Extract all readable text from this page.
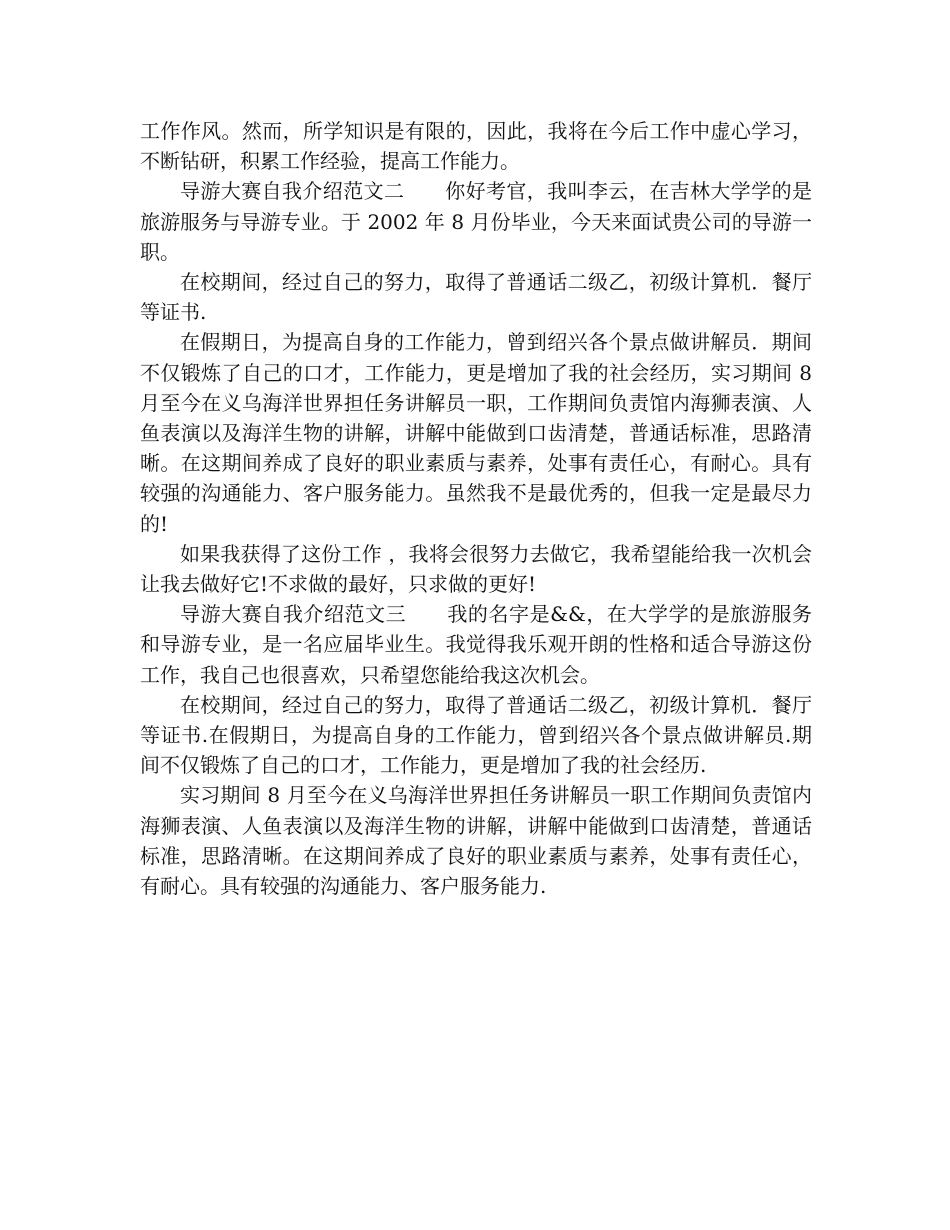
工作作风。然而，所学知识是有限的，因此，我将在今后工作中虚心学习，不断钻研，积累工作经验，提高工作能力。

导游大赛自我介绍范文二　　你好考官，我叫李云，在吉林大学学的是旅游服务与导游专业。于 2002 年 8 月份毕业，今天来面试贵公司的导游一职。

在校期间，经过自己的努力，取得了普通话二级乙，初级计算机．餐厅等证书.

在假期日，为提高自身的工作能力，曾到绍兴各个景点做讲解员．期间不仅锻炼了自己的口才，工作能力，更是增加了我的社会经历，实习期间 8 月至今在义乌海洋世界担任务讲解员一职，工作期间负责馆内海狮表演、人鱼表演以及海洋生物的讲解，讲解中能做到口齿清楚，普通话标准，思路清晰。在这期间养成了良好的职业素质与素养，处事有责任心，有耐心。具有较强的沟通能力、客户服务能力。虽然我不是最优秀的，但我一定是最尽力的!

如果我获得了这份工作 ，我将会很努力去做它，我希望能给我一次机会让我去做好它!不求做的最好，只求做的更好!

导游大赛自我介绍范文三　　我的名字是&&，在大学学的是旅游服务和导游专业，是一名应届毕业生。我觉得我乐观开朗的性格和适合导游这份工作，我自己也很喜欢，只希望您能给我这次机会。

在校期间，经过自己的努力，取得了普通话二级乙，初级计算机．餐厅等证书.在假期日，为提高自身的工作能力，曾到绍兴各个景点做讲解员.期间不仅锻炼了自己的口才，工作能力，更是增加了我的社会经历.

实习期间 8 月至今在义乌海洋世界担任务讲解员一职工作期间负责馆内海狮表演、人鱼表演以及海洋生物的讲解，讲解中能做到口齿清楚，普通话标准，思路清晰。在这期间养成了良好的职业素质与素养，处事有责任心，有耐心。具有较强的沟通能力、客户服务能力.
